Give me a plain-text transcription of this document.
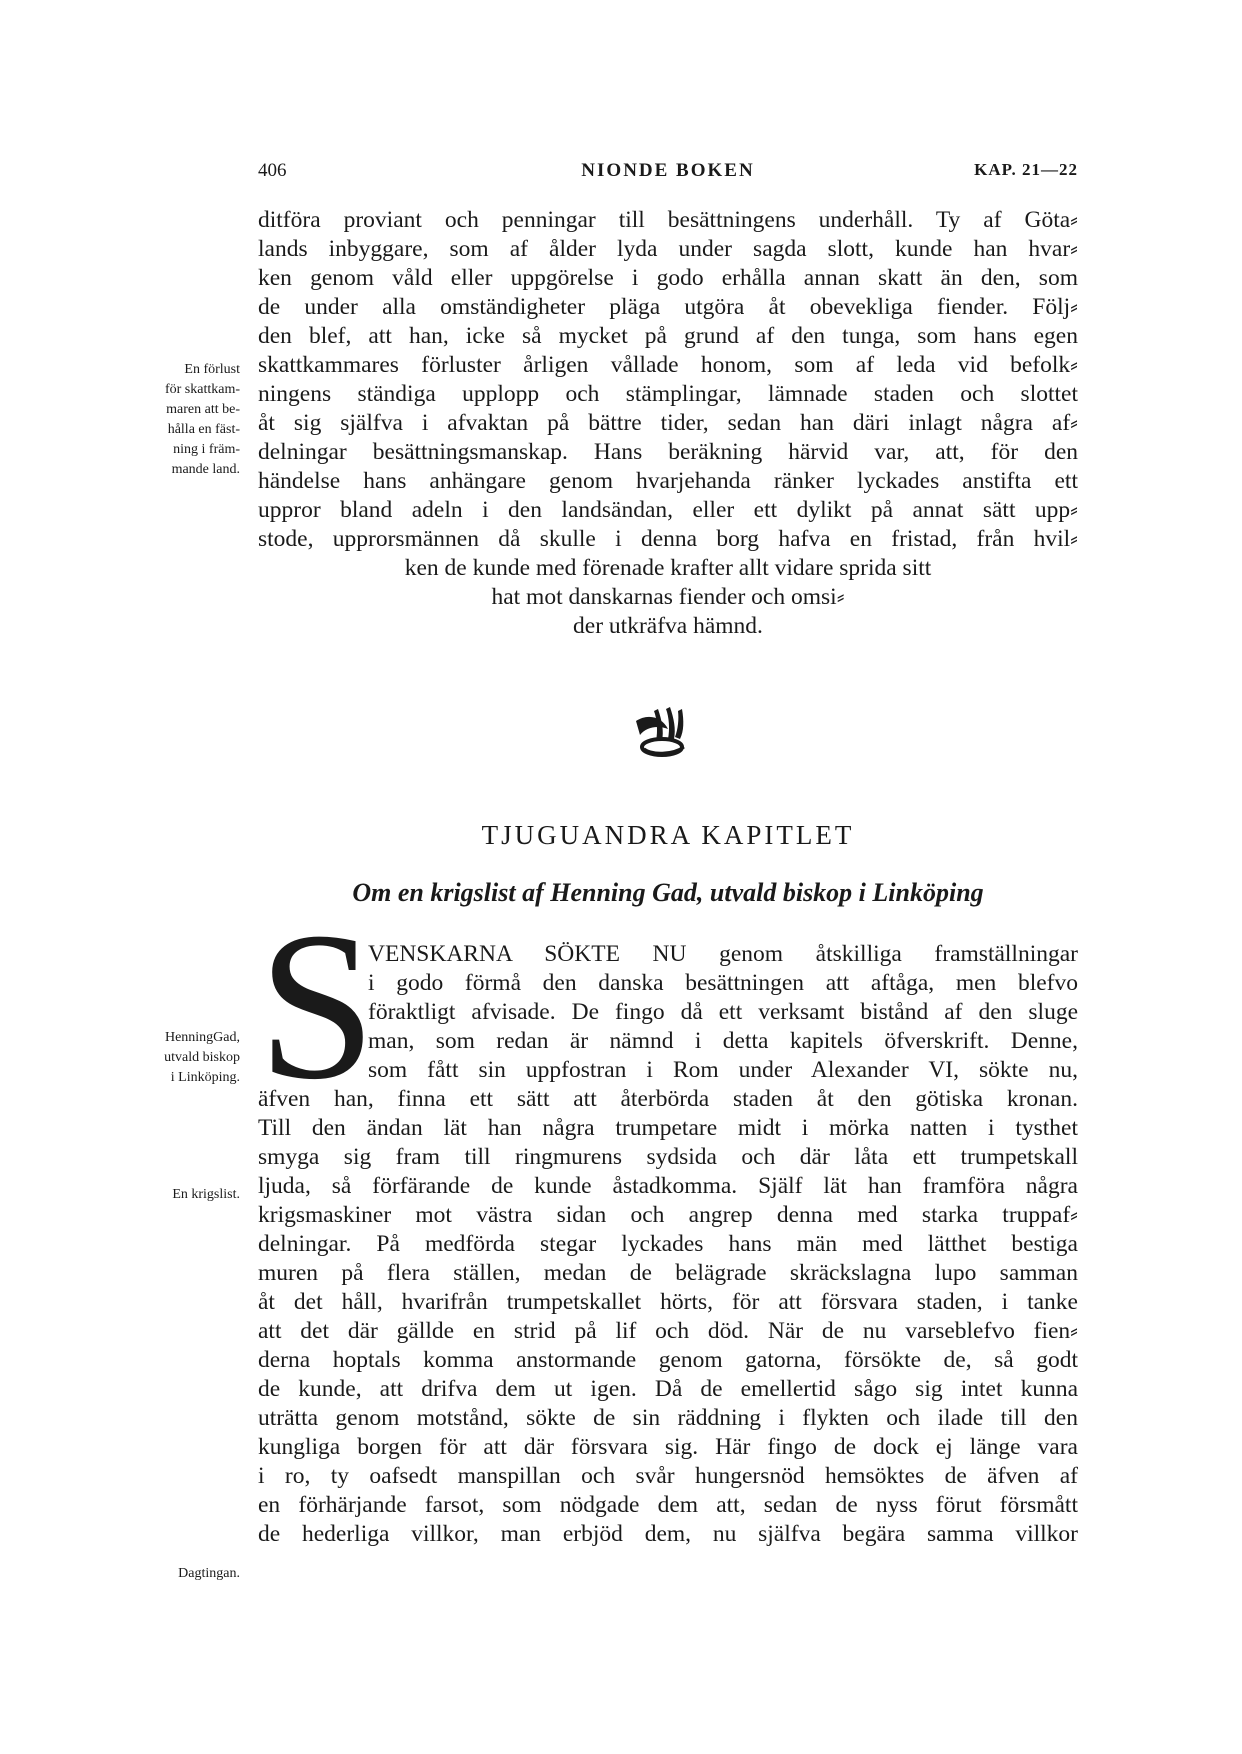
406	NIONDE BOKEN	KAP. 21—22
ditföra proviant och penningar till besättningens underhåll. Ty af Göta⸗
lands inbyggare, som af ålder lyda under sagda slott, kunde han hvar⸗
ken genom våld eller uppgörelse i godo erhålla annan skatt än den, som
de under alla omständigheter pläga utgöra åt obevekliga fiender. Följ⸗
den blef, att han, icke så mycket på grund af den tunga, som hans egen
skattkammares förluster årligen vållade honom, som af leda vid befolk⸗
ningens ständiga upplopp och stämplingar, lämnade staden och slottet
åt sig själfva i afvaktan på bättre tider, sedan han däri inlagt några af⸗
delningar besättningsmanskap. Hans beräkning härvid var, att, för den
händelse hans anhängare genom hvarjehanda ränker lyckades anstifta ett
uppror bland adeln i den landsändan, eller ett dylikt på annat sätt upp⸗
stode, upprorsmännen då skulle i denna borg hafva en fristad, från hvil⸗
ken de kunde med förenade krafter allt vidare sprida sitt
hat mot danskarnas fiender och omsi⸗
der utkräfva hämnd.
En förlust
för skattkam-
maren att be-
hålla en fäst-
ning i främ-
mande land.
TJUGUANDRA KAPITLET
Om en krigslist af Henning Gad, utvald biskop i Linköping
S
VENSKARNA SÖKTE NU genom åtskilliga framställningar
i godo förmå den danska besättningen att aftåga, men blefvo
föraktligt afvisade. De fingo då ett verksamt bistånd af den sluge
man, som redan är nämnd i detta kapitels öfverskrift. Denne,
som fått sin uppfostran i Rom under Alexander VI, sökte nu,
äfven han, finna ett sätt att återbörda staden åt den götiska kronan.
Till den ändan lät han några trumpetare midt i mörka natten i tysthet
smyga sig fram till ringmurens sydsida och där låta ett trumpetskall
ljuda, så förfärande de kunde åstadkomma. Själf lät han framföra några
krigsmaskiner mot västra sidan och angrep denna med starka truppaf⸗
delningar. På medförda stegar lyckades hans män med lätthet bestiga
muren på flera ställen, medan de belägrade skräckslagna lupo samman
åt det håll, hvarifrån trumpetskallet hörts, för att försvara staden, i tanke
att det där gällde en strid på lif och död. När de nu varseblefvo fien⸗
derna hoptals komma anstormande genom gatorna, försökte de, så godt
de kunde, att drifva dem ut igen. Då de emellertid sågo sig intet kunna
uträtta genom motstånd, sökte de sin räddning i flykten och ilade till den
kungliga borgen för att där försvara sig. Här fingo de dock ej länge vara
i ro, ty oafsedt manspillan och svår hungersnöd hemsöktes de äfven af
en förhärjande farsot, som nödgade dem att, sedan de nyss förut försmått
de hederliga villkor, man erbjöd dem, nu själfva begära samma villkor
HenningGad,
utvald biskop
i Linköping.
En krigslist.
Dagtingan.
